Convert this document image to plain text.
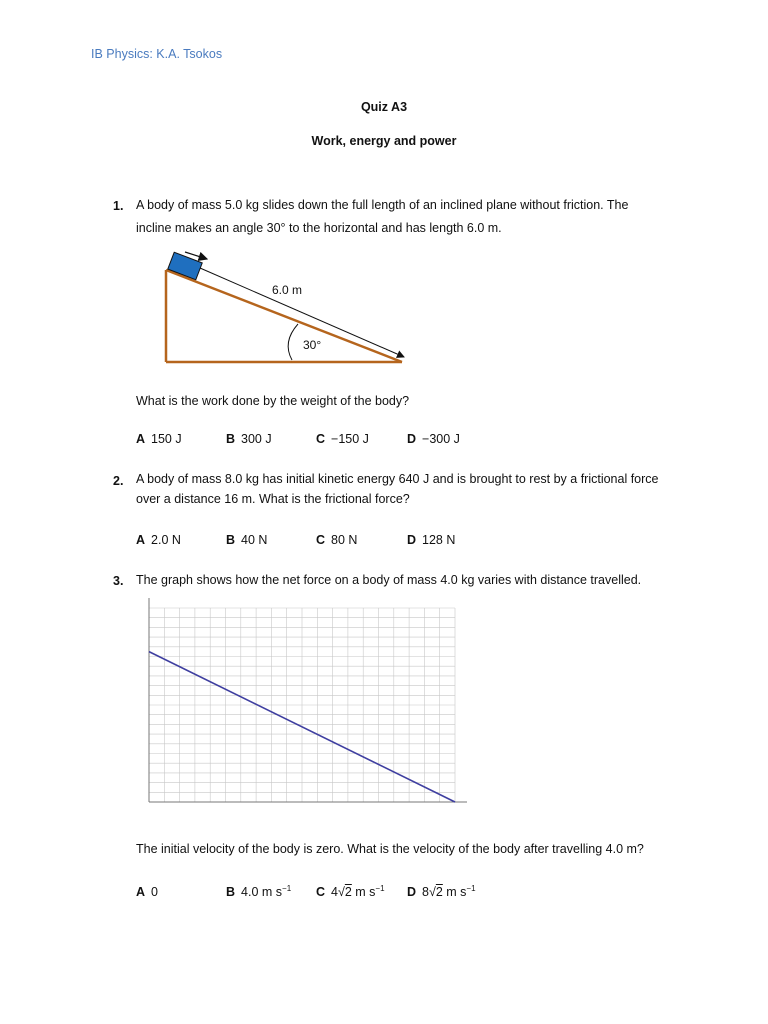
IB Physics: K.A. Tsokos
Quiz A3
Work, energy and power
1. A body of mass 5.0 kg slides down the full length of an inclined plane without friction. The
incline makes an angle 30° to the horizontal and has length 6.0 m.
6.0 m
30°
What is the work done by the weight of the body?
A 150 J	B 300 J	C −150 J	D −300 J
2. A body of mass 8.0 kg has initial kinetic energy 640 J and is brought to rest by a frictional force
over a distance 16 m. What is the frictional force?
A 2.0 N	B 40 N	C 80 N	D 128 N
3. The graph shows how the net force on a body of mass 4.0 kg varies with distance travelled.
The initial velocity of the body is zero. What is the velocity of the body after travelling 4.0 m?
A 0	B 4.0 m $s^{-1}$ C 4√2 m $s^{-1}$ D 8√2 m $s^{-1}$
